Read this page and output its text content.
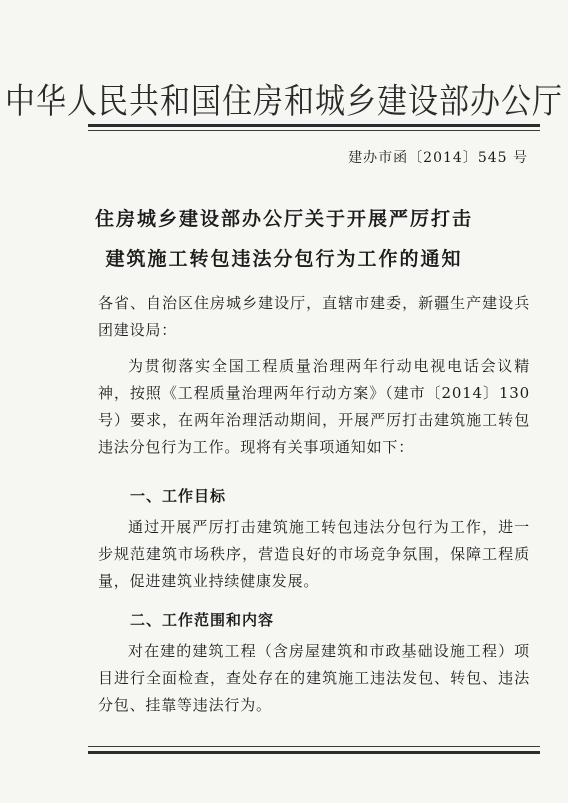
中华人民共和国住房和城乡建设部办公厅
建办市函〔2014〕545 号
住房城乡建设部办公厅关于开展严厉打击
建筑施工转包违法分包行为工作的通知

各省、自治区住房城乡建设厅，直辖市建委，新疆生产建设兵团建设局：

为贯彻落实全国工程质量治理两年行动电视电话会议精神，按照《工程质量治理两年行动方案》（建市〔2014〕130 号）要求，在两年治理活动期间，开展严厉打击建筑施工转包违法分包行为工作。现将有关事项通知如下：

一、工作目标

通过开展严厉打击建筑施工转包违法分包行为工作，进一步规范建筑市场秩序，营造良好的市场竞争氛围，保障工程质量，促进建筑业持续健康发展。

二、工作范围和内容

对在建的建筑工程（含房屋建筑和市政基础设施工程）项目进行全面检查，查处存在的建筑施工违法发包、转包、违法分包、挂靠等违法行为。
